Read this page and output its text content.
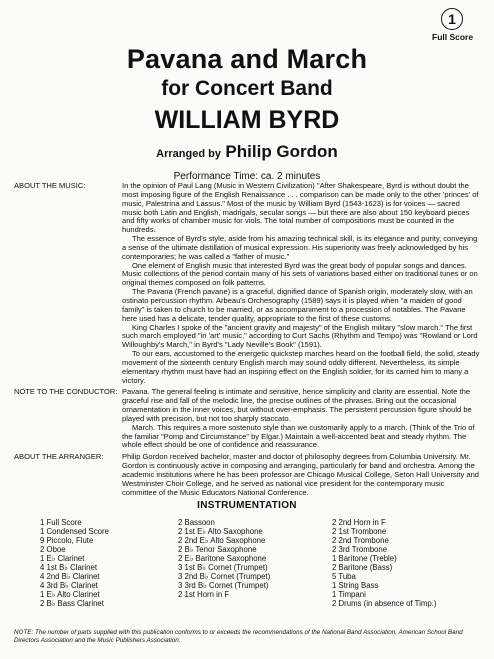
1
Full Score
Pavana and March
for Concert Band
WILLIAM BYRD
Arranged by Philip Gordon
Performance Time: ca. 2 minutes
ABOUT THE MUSIC:	In the opinion of Paul Lang (Music in Western Civilization) "After Shakespeare, Byrd is without doubt the most imposing figure of the English Renaissance . . . comparison can be made only to the other 'princes' of music, Palestrina and Lassus." Most of the music by William Byrd (1543-1623) is for voices — sacred music both Latin and English, madrigals, secular songs — but there are also about 150 keyboard pieces and fifty works of chamber music for viols. The total number of compositions must be counted in the hundreds.

The essence of Byrd's style, aside from his amazing technical skill, is its elegance and purity, conveying a sense of the ultimate distillation of musical expression. His superiority was freely acknowledged by his contemporaries; he was called a "father of music."

One element of English music that interested Byrd was the great body of popular songs and dances. Music collections of the period contain many of his sets of variations based either on traditional tunes or on original themes composed on folk patterns.

The Pavana (French pavane) is a graceful, dignified dance of Spanish origin, moderately slow, with an ostinato percussion rhythm. Arbeau's Orchesography (1589) says it is played when "a maiden of good family" is taken to church to be married, or as accompaniment to a procession of notables. The Pavane here used has a delicate, tender quality, appropriate to the first of these customs.

King Charles I spoke of the "ancient gravity and majesty" of the English military "slow march." The first such march employed "in 'art' music," according to Curt Sachs (Rhythm and Tempo) was "Rowland or Lord Willoughby's March," in Byrd's "Lady Neville's Book" (1591).

To our ears, accustomed to the energetic quickstep marches heard on the football field, the solid, steady movement of the sixteenth century English march may sound oddly different. Nevertheless, its simple elementary rhythm must have had an inspiring effect on the English soldier, for its carried him to many a victory.

NOTE TO THE CONDUCTOR: Pavana. The general feeling is intimate and sensitive, hence simplicity and clarity are essential. Note the graceful rise and fall of the melodic line, the precise outlines of the phrases. Bring out the occasional ornamentation in the inner voices, but without over-emphasis. The persistent percussion figure should be played with precision, but not too sharply staccato.

March. This requires a more sostenuto style than we customarily apply to a march. (Think of the Trio of the familiar "Pomp and Circumstance" by Elgar.) Maintain a well-accented beat and steady rhythm. The whole effect should be one of confidence and reassurance.

ABOUT THE ARRANGER: Philip Gordon received bachelor, master and doctor of philosophy degrees from Columbia University. Mr. Gordon is continuously active in composing and arranging, particularly for band and orchestra. Among the academic institutions where he has been professor are Chicago Musical College, Seton Hall University and Westminster Choir College, and he served as national vice president for the contemporary music committee of the Music Educators National Conference.

INSTRUMENTATION
1 Full Score
1 Condensed Score
9 Piccolo, Flute
2 Oboe
1 E♭ Clarinet
4 1st B♭ Clarinet
4 2nd B♭ Clarinet
4 3rd B♭ Clarinet
1 E♭ Alto Clarinet
2 B♭ Bass Clarinet
2 Bassoon
2 1st E♭ Alto Saxophone
2 2nd E♭ Alto Saxophone
2 B♭ Tenor Saxophone
2 E♭ Baritone Saxophone
3 1st B♭ Cornet (Trumpet)
3 2nd B♭ Cornet (Trumpet)
3 3rd B♭ Cornet (Trumpet)
2 1st Horn in F
2 2nd Horn in F
2 1st Trombone
2 2nd Trombone
2 3rd Trombone
1 Baritone (Treble)
2 Baritone (Bass)
5 Tuba
1 String Bass
1 Timpani
2 Drums (in absence of Timp.)
NOTE: The number of parts supplied with this publication conforms to or exceeds the recommendations of the National Band Association, American School Band Directors Association and the Music Publishers Association.
